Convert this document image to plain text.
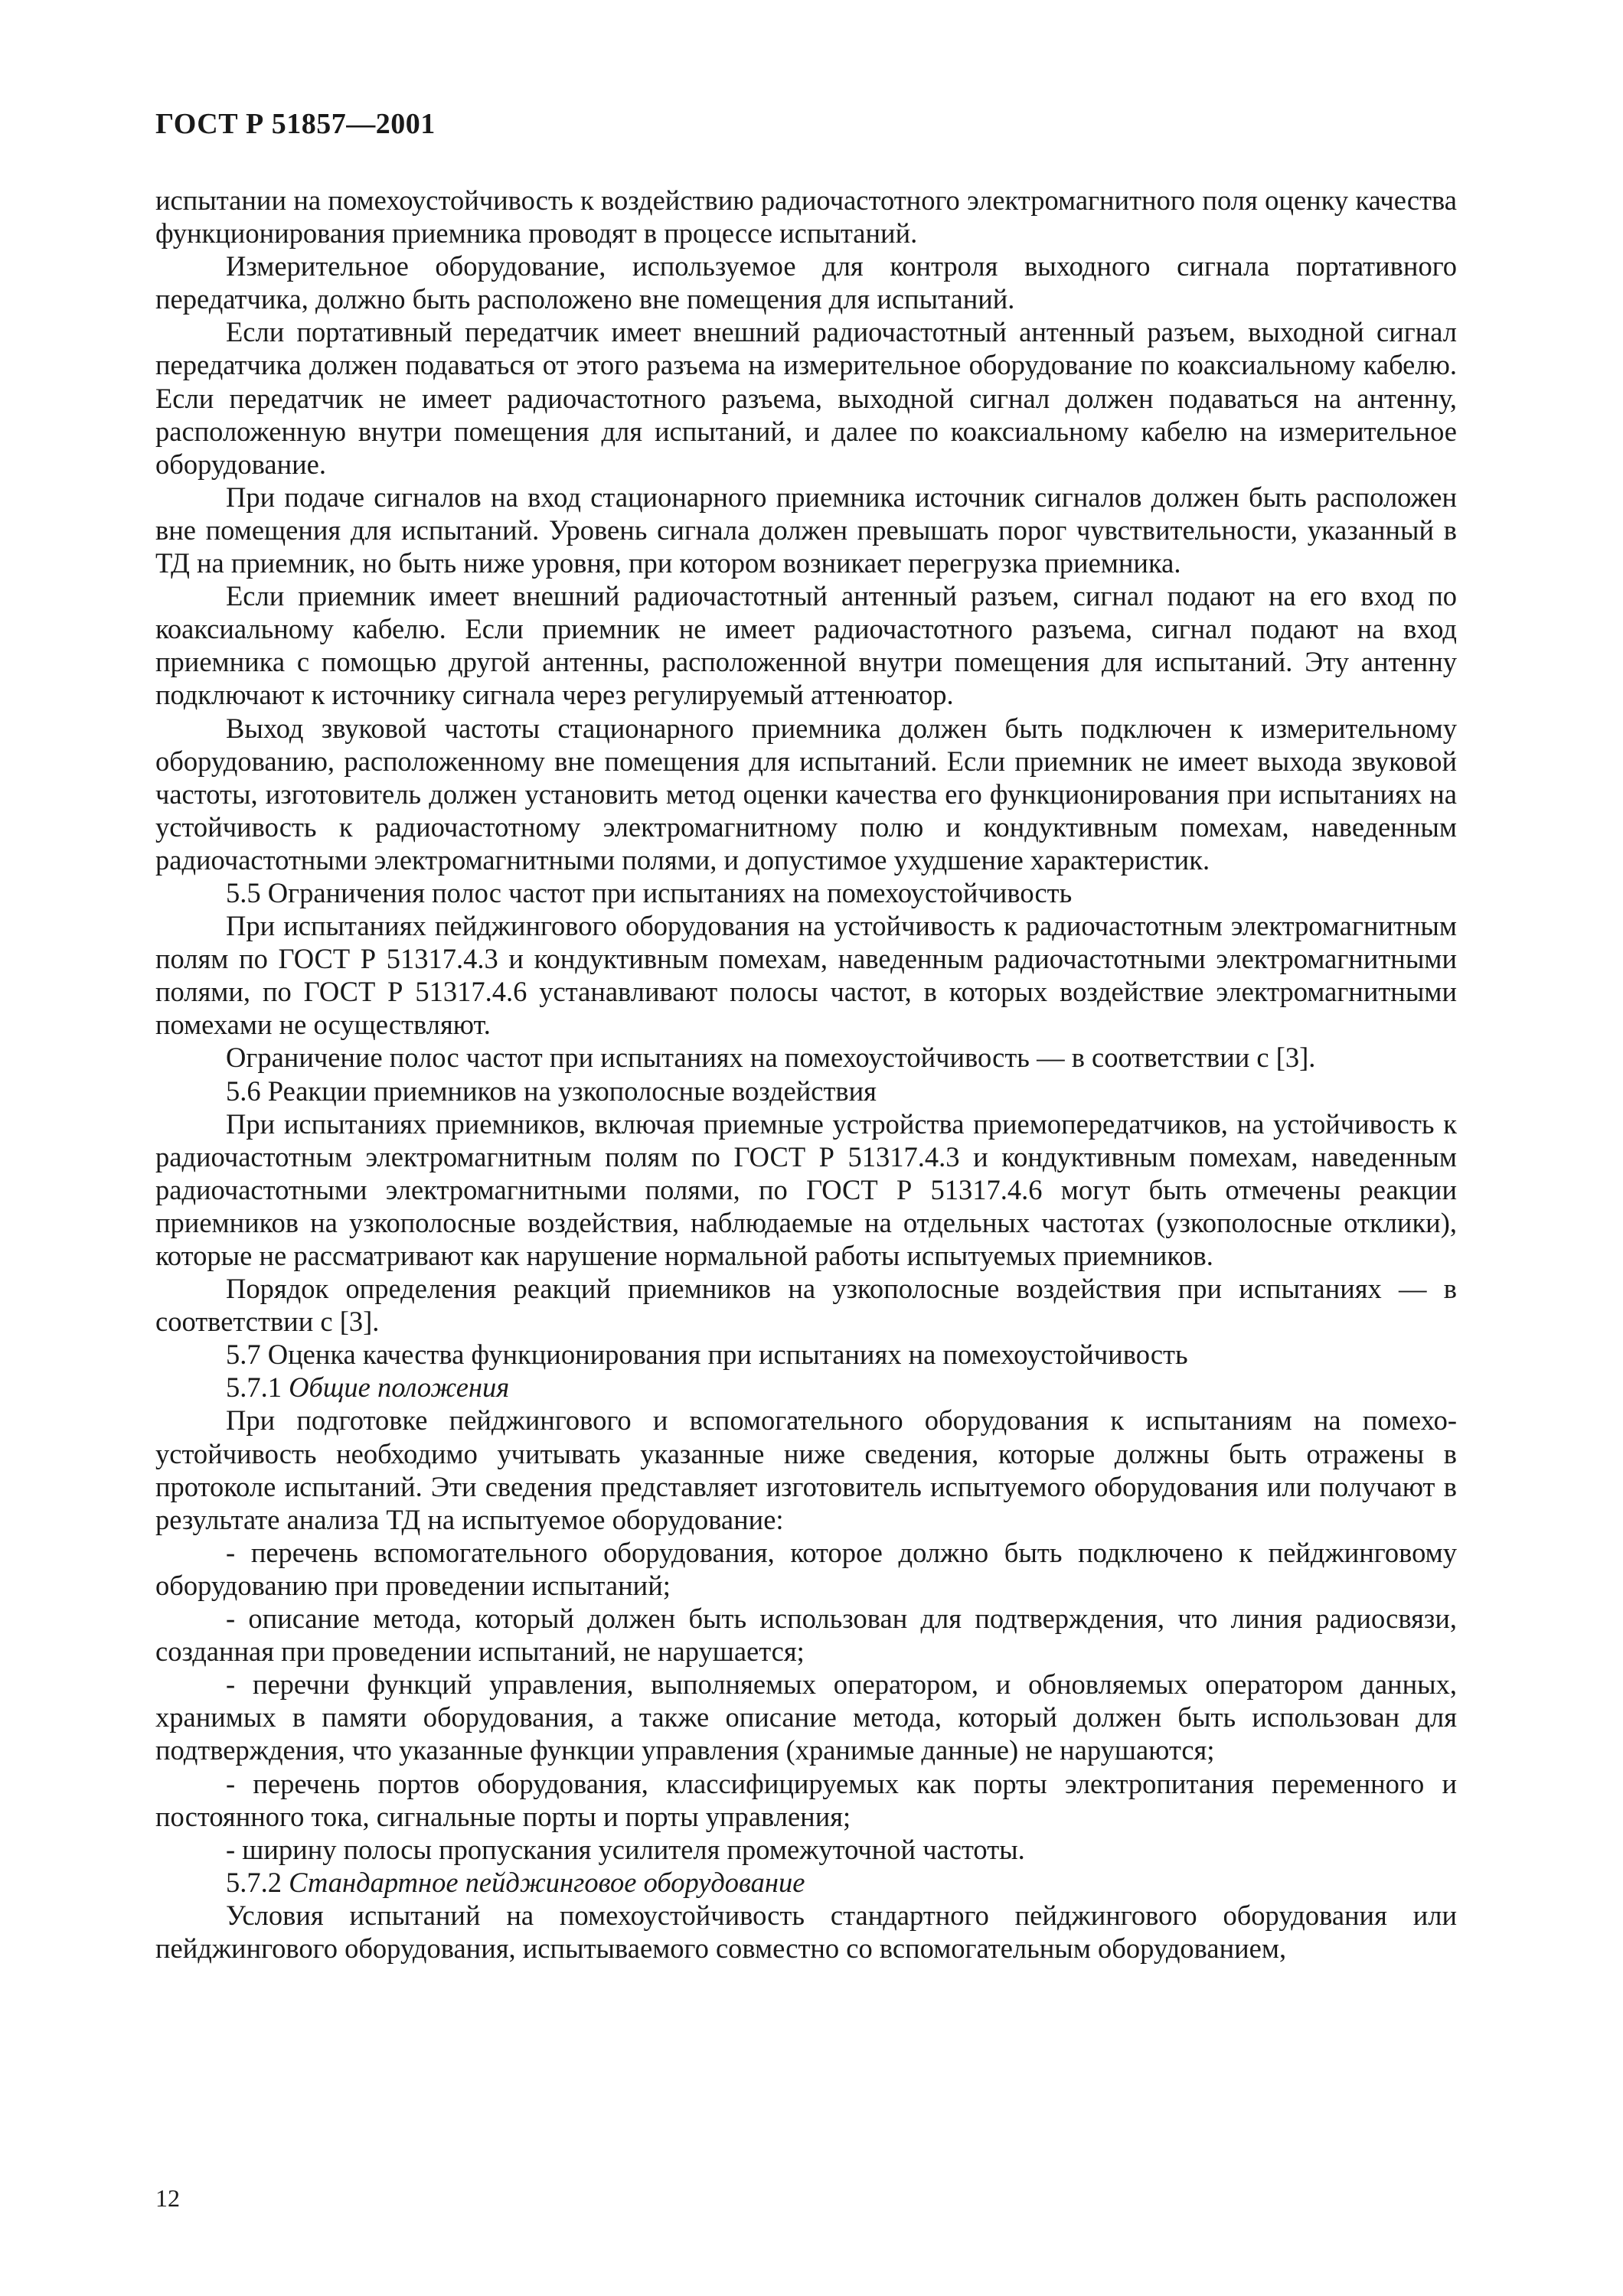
ГОСТ Р 51857—2001

испытании на помехоустойчивость к воздействию радиочастотного электромагнитного поля оценку качества функционирования приемника проводят в процессе испытаний.

Измерительное оборудование, используемое для контроля выходного сигнала портативного передатчика, должно быть расположено вне помещения для испытаний.

Если портативный передатчик имеет внешний радиочастотный антенный разъем, выходной сигнал передатчика должен подаваться от этого разъема на измерительное оборудование по коаксиальному кабелю. Если передатчик не имеет радиочастотного разъема, выходной сигнал должен подаваться на антенну, расположенную внутри помещения для испытаний, и далее по коаксиальному кабелю на измерительное оборудование.

При подаче сигналов на вход стационарного приемника источник сигналов должен быть расположен вне помещения для испытаний. Уровень сигнала должен превышать порог чувствительности, указанный в ТД на приемник, но быть ниже уровня, при котором возникает перегрузка приемника.

Если приемник имеет внешний радиочастотный антенный разъем, сигнал подают на его вход по коаксиальному кабелю. Если приемник не имеет радиочастотного разъема, сигнал подают на вход приемника с помощью другой антенны, расположенной внутри помещения для испытаний. Эту антенну подключают к источнику сигнала через регулируемый аттенюатор.

Выход звуковой частоты стационарного приемника должен быть подключен к измерительному оборудованию, расположенному вне помещения для испытаний. Если приемник не имеет выхода звуковой частоты, изготовитель должен установить метод оценки качества его функционирования при испытаниях на устойчивость к радиочастотному электромагнитному полю и кондуктивным помехам, наведенным радиочастотными электромагнитными полями, и допустимое ухудшение характеристик.

5.5 Ограничения полос частот при испытаниях на помехоустойчивость

При испытаниях пейджингового оборудования на устойчивость к радиочастотным электромагнитным полям по ГОСТ Р 51317.4.3 и кондуктивным помехам, наведенным радиочастотными электромагнитными полями, по ГОСТ Р 51317.4.6 устанавливают полосы частот, в которых воздействие электромагнитными помехами не осуществляют.

Ограничение полос частот при испытаниях на помехоустойчивость — в соответствии с [3].

5.6 Реакции приемников на узкополосные воздействия

При испытаниях приемников, включая приемные устройства приемопередатчиков, на устойчивость к радиочастотным электромагнитным полям по ГОСТ Р 51317.4.3 и кондуктивным помехам, наведенным радиочастотными электромагнитными полями, по ГОСТ Р 51317.4.6 могут быть отмечены реакции приемников на узкополосные воздействия, наблюдаемые на отдельных частотах (узкополосные отклики), которые не рассматривают как нарушение нормальной работы испытуемых приемников.

Порядок определения реакций приемников на узкополосные воздействия при испытаниях — в соответствии с [3].

5.7 Оценка качества функционирования при испытаниях на помехоустойчивость

5.7.1 Общие положения

При подготовке пейджингового и вспомогательного оборудования к испытаниям на помехоустойчивость необходимо учитывать указанные ниже сведения, которые должны быть отражены в протоколе испытаний. Эти сведения представляет изготовитель испытуемого оборудования или получают в результате анализа ТД на испытуемое оборудование:

- перечень вспомогательного оборудования, которое должно быть подключено к пейджинговому оборудованию при проведении испытаний;

- описание метода, который должен быть использован для подтверждения, что линия радиосвязи, созданная при проведении испытаний, не нарушается;

- перечни функций управления, выполняемых оператором, и обновляемых оператором данных, хранимых в памяти оборудования, а также описание метода, который должен быть использован для подтверждения, что указанные функции управления (хранимые данные) не нарушаются;

- перечень портов оборудования, классифицируемых как порты электропитания переменного и постоянного тока, сигнальные порты и порты управления;

- ширину полосы пропускания усилителя промежуточной частоты.

5.7.2 Стандартное пейджинговое оборудование

Условия испытаний на помехоустойчивость стандартного пейджингового оборудования или пейджингового оборудования, испытываемого совместно со вспомогательным оборудованием,

12
